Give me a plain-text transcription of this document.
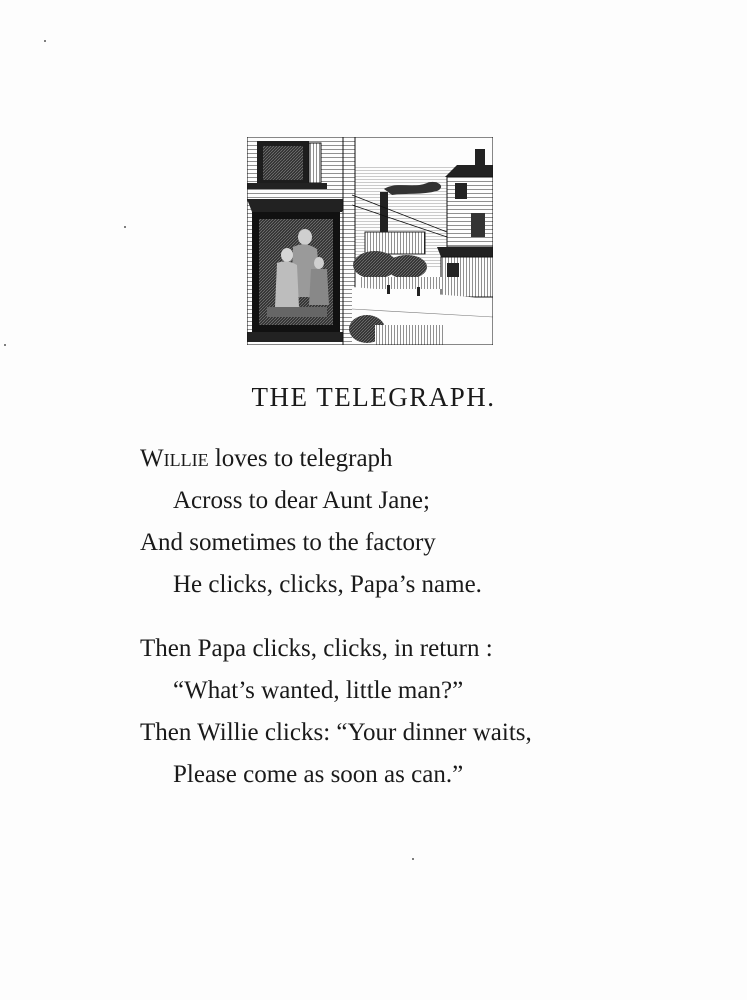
THE TELEGRAPH.
Willie loves to telegraph
Across to dear Aunt Jane;
And sometimes to the factory
He clicks, clicks, Papa’s name.
Then Papa clicks, clicks, in return :
“What’s wanted, little man?”
Then Willie clicks: “Your dinner waits,
Please come as soon as can.”
